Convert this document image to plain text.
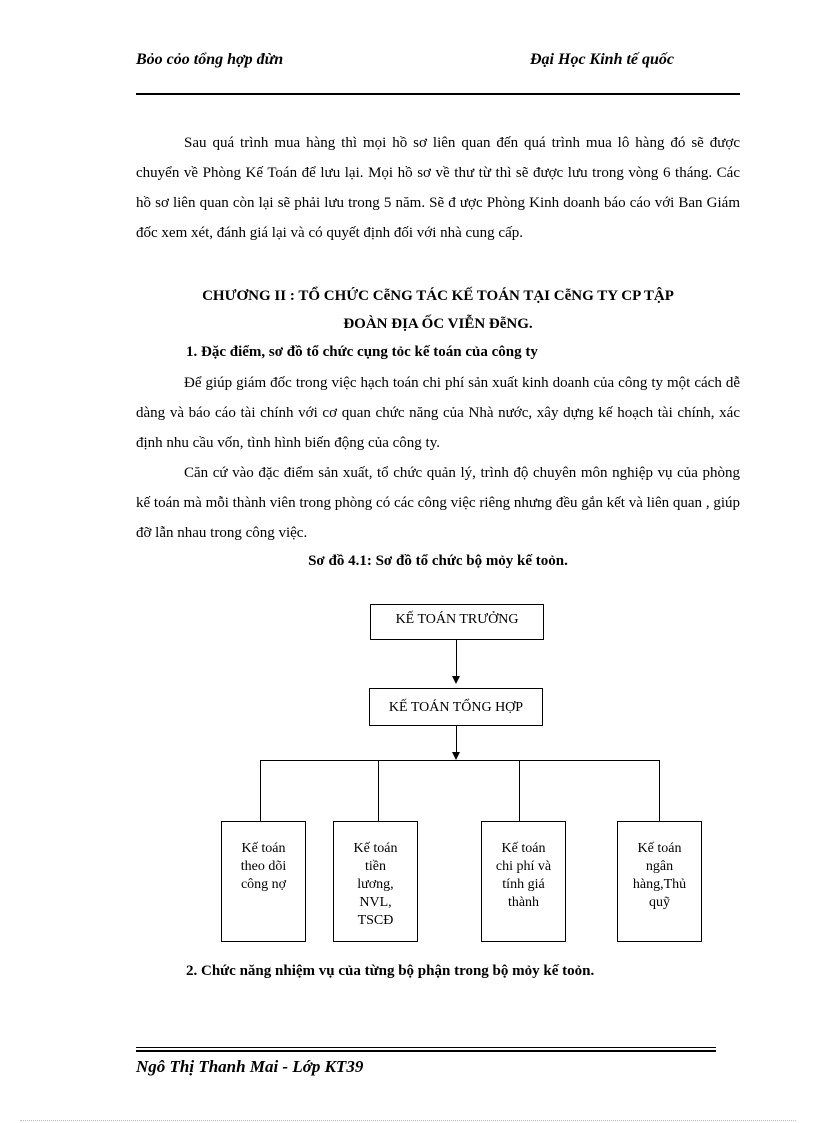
Bỏo cỏo tổng hợp đừn	Đại Học Kinh tế quốc
Sau quá trình mua hàng thì mọi hồ sơ liên quan đến quá trình mua lô hàng đó sẽ được chuyển về Phòng Kế Toán để lưu lại. Mọi hồ sơ về thư từ thì sẽ được lưu trong vòng 6 tháng. Các hồ sơ liên quan còn lại sẽ phải lưu trong 5 năm. Sẽ đ ược Phòng Kinh doanh báo cáo với Ban Giám đốc xem xét, đánh giá lại và có quyết định đối với nhà cung cấp.
CHƯƠNG II : TỔ CHỨC CễNG TÁC KẾ TOÁN TẠI CễNG TY CP TẬP
ĐOÀN ĐỊA ỐC VIỄN ĐễNG.
1. Đặc điểm, sơ đồ tổ chức cụng tỏc kế toán của công ty
Để giúp giám đốc trong việc hạch toán chi phí sản xuất kinh doanh của công ty một cách dễ dàng và báo cáo tài chính với cơ quan chức năng của Nhà nước, xây dựng kế hoạch tài chính, xác định nhu cầu vốn, tình hình biến động của công ty.
Căn cứ vào đặc điểm sản xuất, tổ chức quản lý, trình độ chuyên môn nghiệp vụ của phòng kế toán mà mỗi thành viên trong phòng có các công việc riêng nhưng đều gắn kết và liên quan , giúp đỡ lẫn nhau trong công việc.
Sơ đồ 4.1: Sơ đồ tổ chức bộ mỏy kế toỏn.
KẾ TOÁN TRƯỞNG
KẾ TOÁN TỔNG HỢP
Kế toán theo dõi công nợ
Kế toán tiền lương, NVL, TSCĐ
Kế toán chi phí và tính giá thành
Kế toán ngân hàng,Thủ quỹ
2. Chức năng nhiệm vụ của từng bộ phận trong bộ mỏy kế toỏn.
Ngô Thị Thanh Mai - Lớp KT39
